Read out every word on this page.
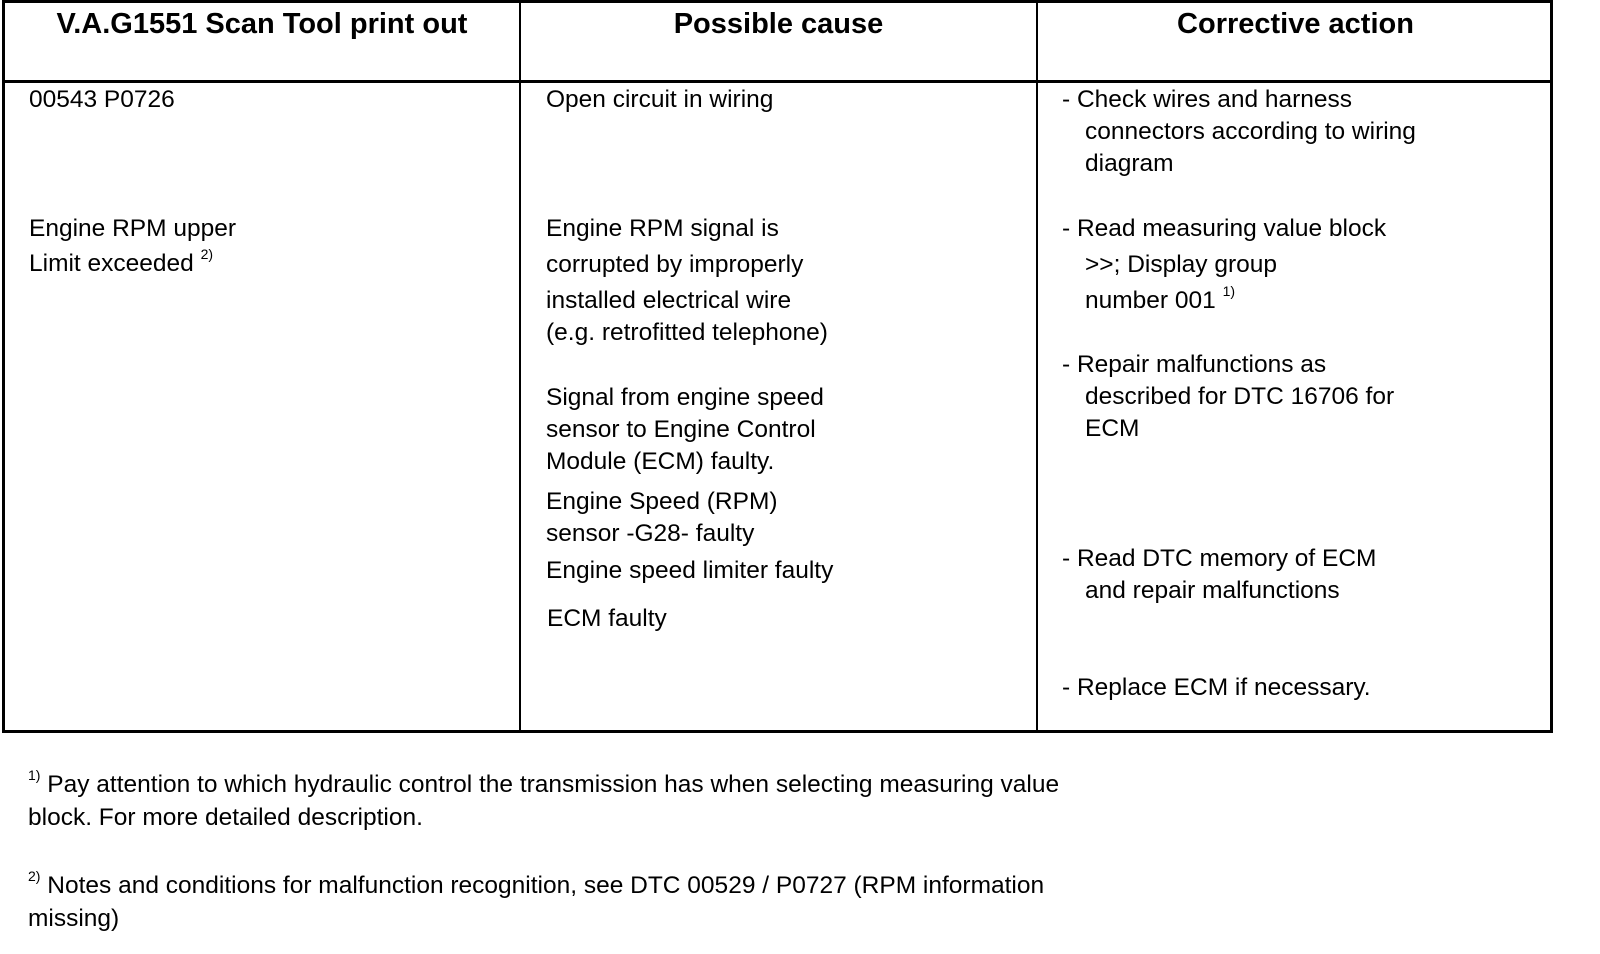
V.A.G1551 Scan Tool print out	Possible cause	Corrective action
00543 P0726
Engine RPM upper
Limit exceeded $^{2)}$
Open circuit in wiring
Engine RPM signal is
corrupted by improperly
installed electrical wire
(e.g. retrofitted telephone)
Signal from engine speed
sensor to Engine Control
Module (ECM) faulty.
Engine Speed (RPM)
sensor -G28- faulty
Engine speed limiter faulty
ECM faulty
- Check wires and harness
connectors according to wiring
diagram
- Read measuring value block
>>; Display group
number 001 $^{1)}$
- Repair malfunctions as
described for DTC 16706 for
ECM
- Read DTC memory of ECM
and repair malfunctions
- Replace ECM if necessary.
$^{1)}$ Pay attention to which hydraulic control the transmission has when selecting measuring value
block. For more detailed description.
$^{2)}$ Notes and conditions for malfunction recognition, see DTC 00529 / P0727 (RPM information
missing)
